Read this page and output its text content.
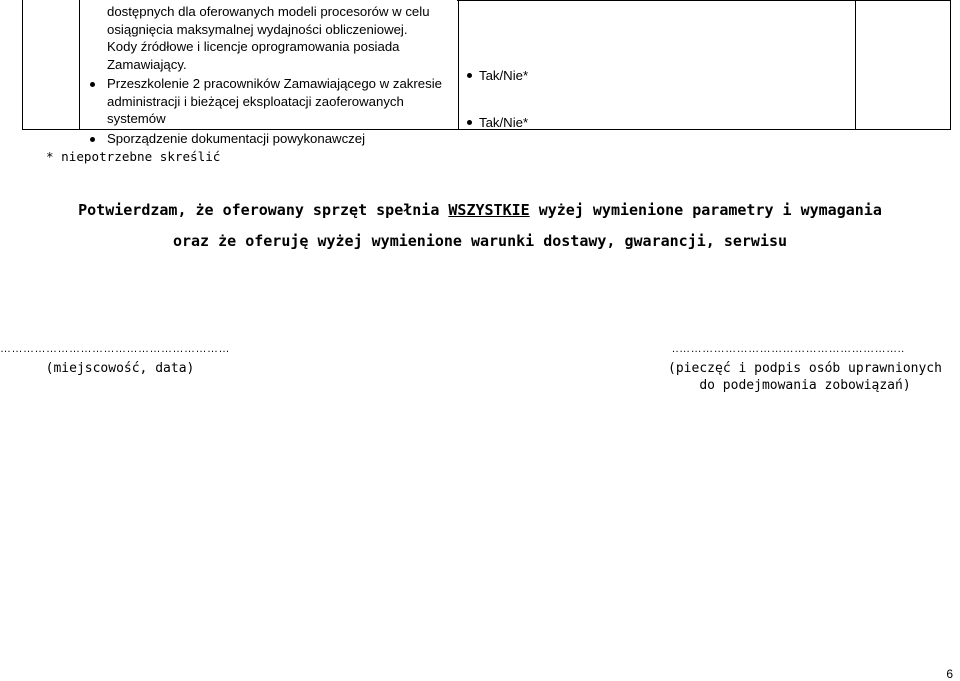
dostępnych dla oferowanych modeli procesorów w celu

osiągnięcia maksymalnej wydajności obliczeniowej.

Kody źródłowe i licencje oprogramowania posiada

Zamawiający.

Przeszkolenie 2 pracowników Zamawiającego w zakresie administracji i bieżącej eksploatacji zaoferowanych systemów

Sporządzenie dokumentacji powykonawczej

Tak/Nie*
Tak/Nie*
* niepotrzebne skreślić
Potwierdzam, że oferowany sprzęt spełnia WSZYSTKIE wyżej wymienione parametry i wymagania
oraz że oferuję wyżej wymienione warunki dostawy, gwarancji, serwisu
……………………………………………………	..…………………………………………………..
(miejscowość, data)	(pieczęć i podpis osób uprawnionych
do podejmowania zobowiązań)
6
